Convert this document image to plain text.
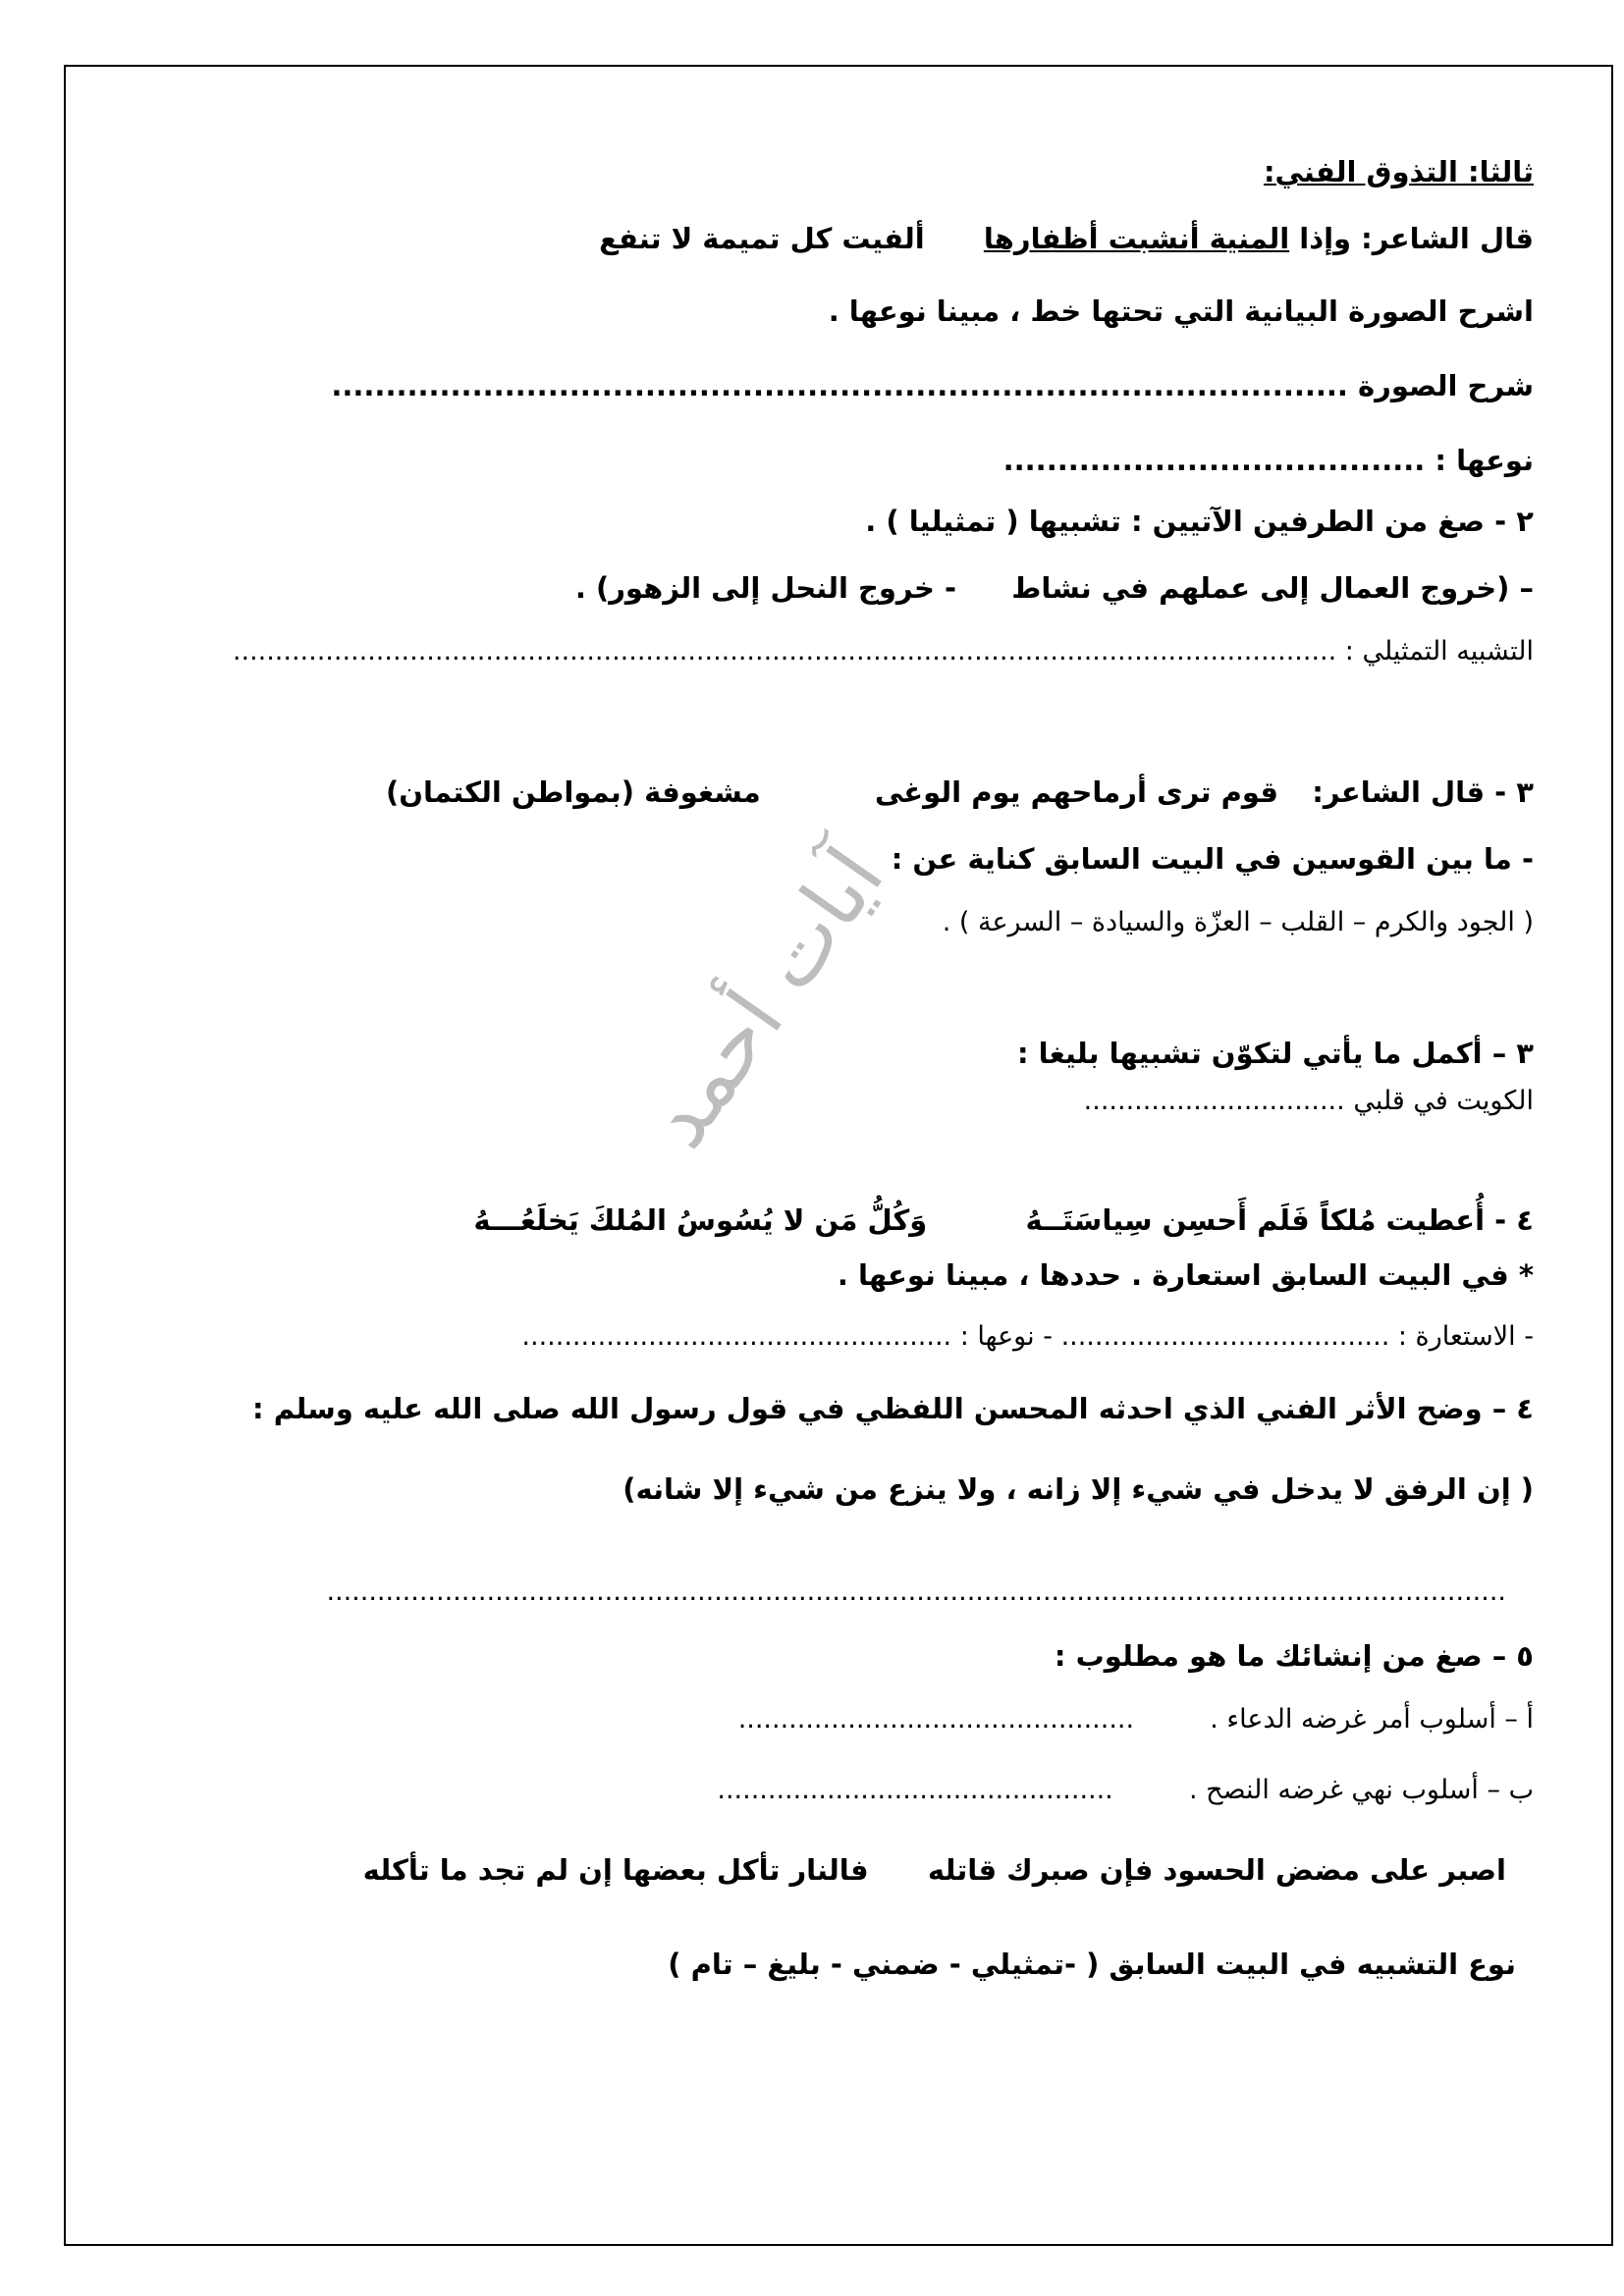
آيات أحمد
ثالثا: التذوق الفني:
قال الشاعر: وإذا المنية أنشبت أظفارها  ألفيت كل تميمة لا تنفع
اشرح الصورة البيانية التي تحتها خط ، مبينا نوعها .
شرح الصورة ..............................................................................................
نوعها : .......................................
٢ - صغ من الطرفين الآتيين : تشبيها ( تمثيليا ) .
– (خروج العمال إلى عملهم في نشاط  - خروج النحل إلى الزهور) .
التشبيه التمثيلي : ...................................................................................................................................
٣ - قال الشاعر:  قوم ترى أرماحهم يوم الوغى  مشغوفة (بمواطن الكتمان)
- ما بين القوسين في البيت السابق كناية عن :
( الجود والكرم – القلب – العزّة والسيادة – السرعة ) .
٣ – أكمل ما يأتي لتكوّن تشبيها بليغا :
الكويت في قلبي ...............................
٤ - أُعطيت مُلكاً فَلَم أَحسِن سِياسَتَــهُ  وَكُلُّ مَن لا يُسُوسُ المُلكَ يَخلَعُـــهُ
* في البيت السابق استعارة . حددها ، مبينا نوعها .
- الاستعارة : ....................................... - نوعها : ...................................................
٤ – وضح الأثر الفني الذي احدثه المحسن اللفظي في قول رسول الله صلى الله عليه وسلم :
( إن الرفق لا يدخل في شيء إلا زانه ، ولا ينزع من شيء إلا شانه)
............................................................................................................................................
٥ – صغ من إنشائك ما هو مطلوب :
أ – أسلوب أمر غرضه الدعاء .  ...............................................
ب – أسلوب نهي غرضه النصح .  ...............................................
اصبر على مضض الحسود فإن صبرك قاتله  فالنار تأكل بعضها إن لم تجد ما تأكله
نوع التشبيه في البيت السابق ( -تمثيلي - ضمني - بليغ – تام )
